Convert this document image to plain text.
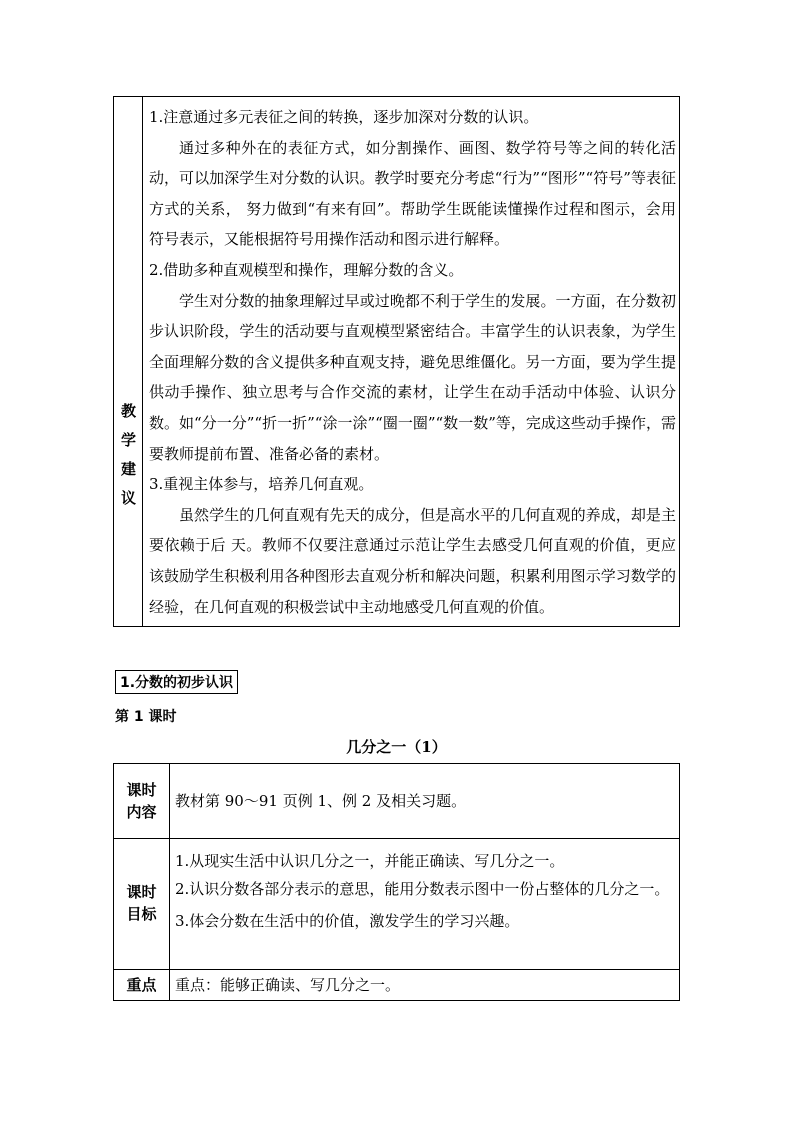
教
学
建
议

1.注意通过多元表征之间的转换，逐步加深对分数的认识。

通过多种外在的表征方式，如分割操作、画图、数学符号等之间的转化活动，可以加深学生对分数的认识。教学时要充分考虑“行为”“图形”“符号”等表征方式的关系， 努力做到“有来有回”。帮助学生既能读懂操作过程和图示，会用符号表示，又能根据符号用操作活动和图示进行解释。

2.借助多种直观模型和操作，理解分数的含义。

学生对分数的抽象理解过早或过晚都不利于学生的发展。一方面，在分数初步认识阶段，学生的活动要与直观模型紧密结合。丰富学生的认识表象，为学生全面理解分数的含义提供多种直观支持，避免思维僵化。另一方面，要为学生提供动手操作、独立思考与合作交流的素材，让学生在动手活动中体验、认识分数。如“分一分”“折一折”“涂一涂”“圈一圈”“数一数”等，完成这些动手操作，需要教师提前布置、准备必备的素材。

3.重视主体参与，培养几何直观。

虽然学生的几何直观有先天的成分，但是高水平的几何直观的养成，却是主要依赖于后 天。教师不仅要注意通过示范让学生去感受几何直观的价值，更应该鼓励学生积极利用各种图形去直观分析和解决问题，积累利用图示学习数学的经验，在几何直观的积极尝试中主动地感受几何直观的价值。

1.分数的初步认识
第 1 课时
几分之一（1）
课时
内容

教材第 90～91 页例 1、例 2 及相关习题。

课时
目标

1.从现实生活中认识几分之一，并能正确读、写几分之一。

2.认识分数各部分表示的意思，能用分数表示图中一份占整体的几分之一。

3.体会分数在生活中的价值，激发学生的学习兴趣。

重点	重点：能够正确读、写几分之一。
